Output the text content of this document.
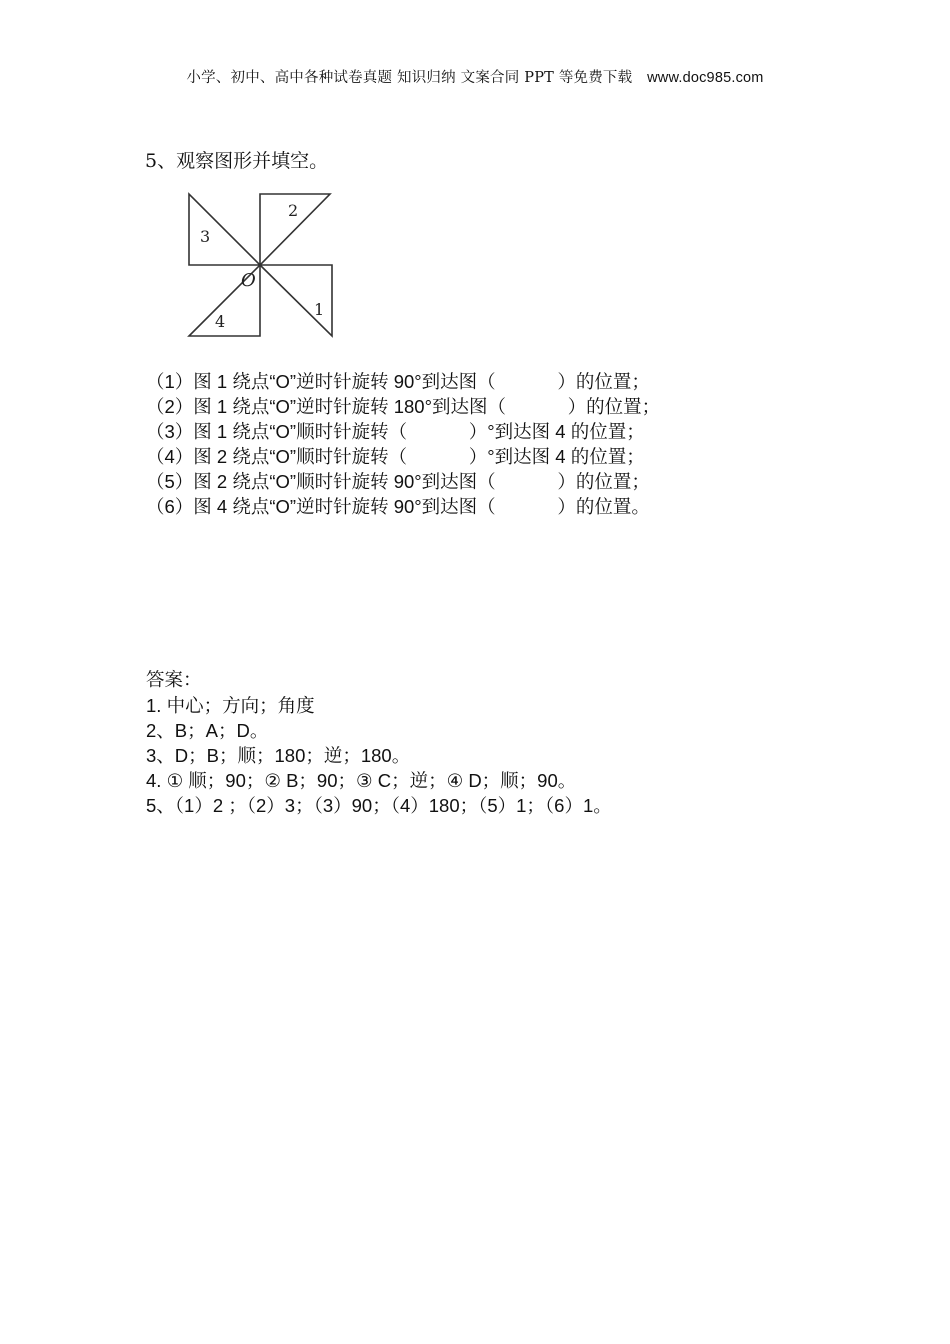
小学、初中、高中各种试卷真题 知识归纳 文案合同 PPT 等免费下载 www.doc985.com
5、观察图形并填空。
2
3
4
1
O
（1）图 1 绕点“O”逆时针旋转 90°到达图（            ）的位置；
（2）图 1 绕点“O”逆时针旋转 180°到达图（            ）的位置；
（3）图 1 绕点“O”顺时针旋转（            ）°到达图 4 的位置；
（4）图 2 绕点“O”顺时针旋转（            ）°到达图 4 的位置；
（5）图 2 绕点“O”顺时针旋转 90°到达图（            ）的位置；
（6）图 4 绕点“O”逆时针旋转 90°到达图（            ）的位置。
答案：
1. 中心；方向；角度
2、B；A；D。
3、D；B；顺；180；逆；180。
4. ① 顺；90；② B；90；③ C；逆；④ D；顺；90。
5、（1）2 ；（2）3；（3）90；（4）180；（5）1；（6）1。
